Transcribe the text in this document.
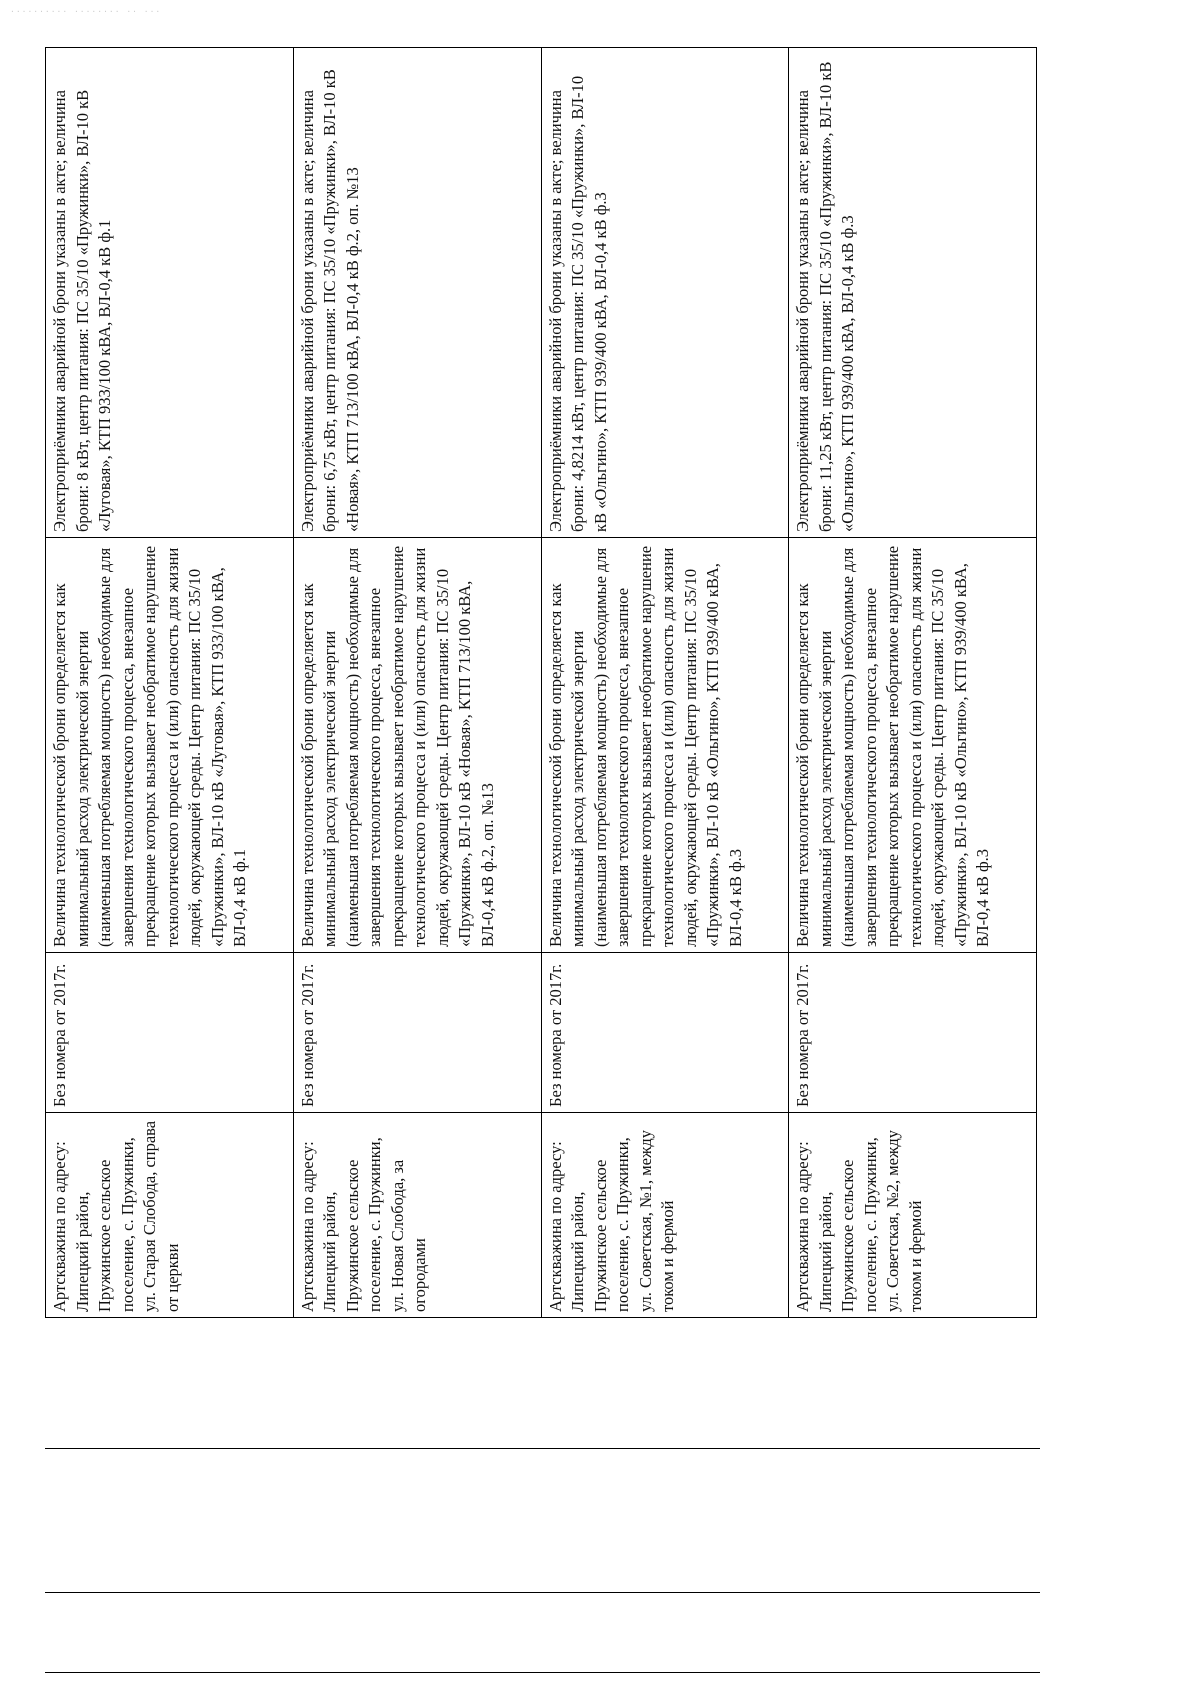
.......... ........ .. ...
Артскважина по адресу: Липецкий район, Пружинское сельское поселение, с. Пружинки, ул. Старая Слобода, справа от церкви	Без номера от 2017г.	Величина технологической брони определяется как минимальный расход электрической энергии (наименьшая потребляемая мощность) необходимые для завершения технологического процесса, внезапное прекращение которых вызывает необратимое нарушение технологического процесса и (или) опасность для жизни людей, окружающей среды. Центр питания: ПС 35/10 «Пружинки», ВЛ-10 кВ «Луговая», КТП 933/100 кВА, ВЛ-0,4 кВ ф.1	Электроприёмники аварийной брони указаны в акте; величина брони: 8 кВт, центр питания: ПС 35/10 «Пружинки», ВЛ-10 кВ «Луговая», КТП 933/100 кВА, ВЛ-0,4 кВ ф.1

Артскважина по адресу: Липецкий район, Пружинское сельское поселение, с. Пружинки, ул. Новая Слобода, за огородами	Без номера от 2017г.	Величина технологической брони определяется как минимальный расход электрической энергии (наименьшая потребляемая мощность) необходимые для завершения технологического процесса, внезапное прекращение которых вызывает необратимое нарушение технологического процесса и (или) опасность для жизни людей, окружающей среды. Центр питания: ПС 35/10 «Пружинки», ВЛ-10 кВ «Новая», КТП 713/100 кВА, ВЛ-0,4 кВ ф.2, оп. №13	Электроприёмники аварийной брони указаны в акте; величина брони: 6,75 кВт, центр питания: ПС 35/10 «Пружинки», ВЛ-10 кВ «Новая», КТП 713/100 кВА, ВЛ-0,4 кВ ф.2, оп. №13

Артскважина по адресу: Липецкий район, Пружинское сельское поселение, с. Пружинки, ул. Советская, №1, между током и фермой	Без номера от 2017г.	Величина технологической брони определяется как минимальный расход электрической энергии (наименьшая потребляемая мощность) необходимые для завершения технологического процесса, внезапное прекращение которых вызывает необратимое нарушение технологического процесса и (или) опасность для жизни людей, окружающей среды. Центр питания: ПС 35/10 «Пружинки», ВЛ-10 кВ «Ольгино», КТП 939/400 кВА, ВЛ-0,4 кВ ф.3	Электроприёмники аварийной брони указаны в акте; величина брони: 4,8214 кВт, центр питания: ПС 35/10 «Пружинки», ВЛ-10 кВ «Ольгино», КТП 939/400 кВА, ВЛ-0,4 кВ ф.3

Артскважина по адресу: Липецкий район, Пружинское сельское поселение, с. Пружинки, ул. Советская, №2, между током и фермой	Без номера от 2017г.	Величина технологической брони определяется как минимальный расход электрической энергии (наименьшая потребляемая мощность) необходимые для завершения технологического процесса, внезапное прекращение которых вызывает необратимое нарушение технологического процесса и (или) опасность для жизни людей, окружающей среды. Центр питания: ПС 35/10 «Пружинки», ВЛ-10 кВ «Ольгино», КТП 939/400 кВА, ВЛ-0,4 кВ ф.3	Электроприёмники аварийной брони указаны в акте; величина брони: 11,25 кВт, центр питания: ПС 35/10 «Пружинки», ВЛ-10 кВ «Ольгино», КТП 939/400 кВА, ВЛ-0,4 кВ ф.3
